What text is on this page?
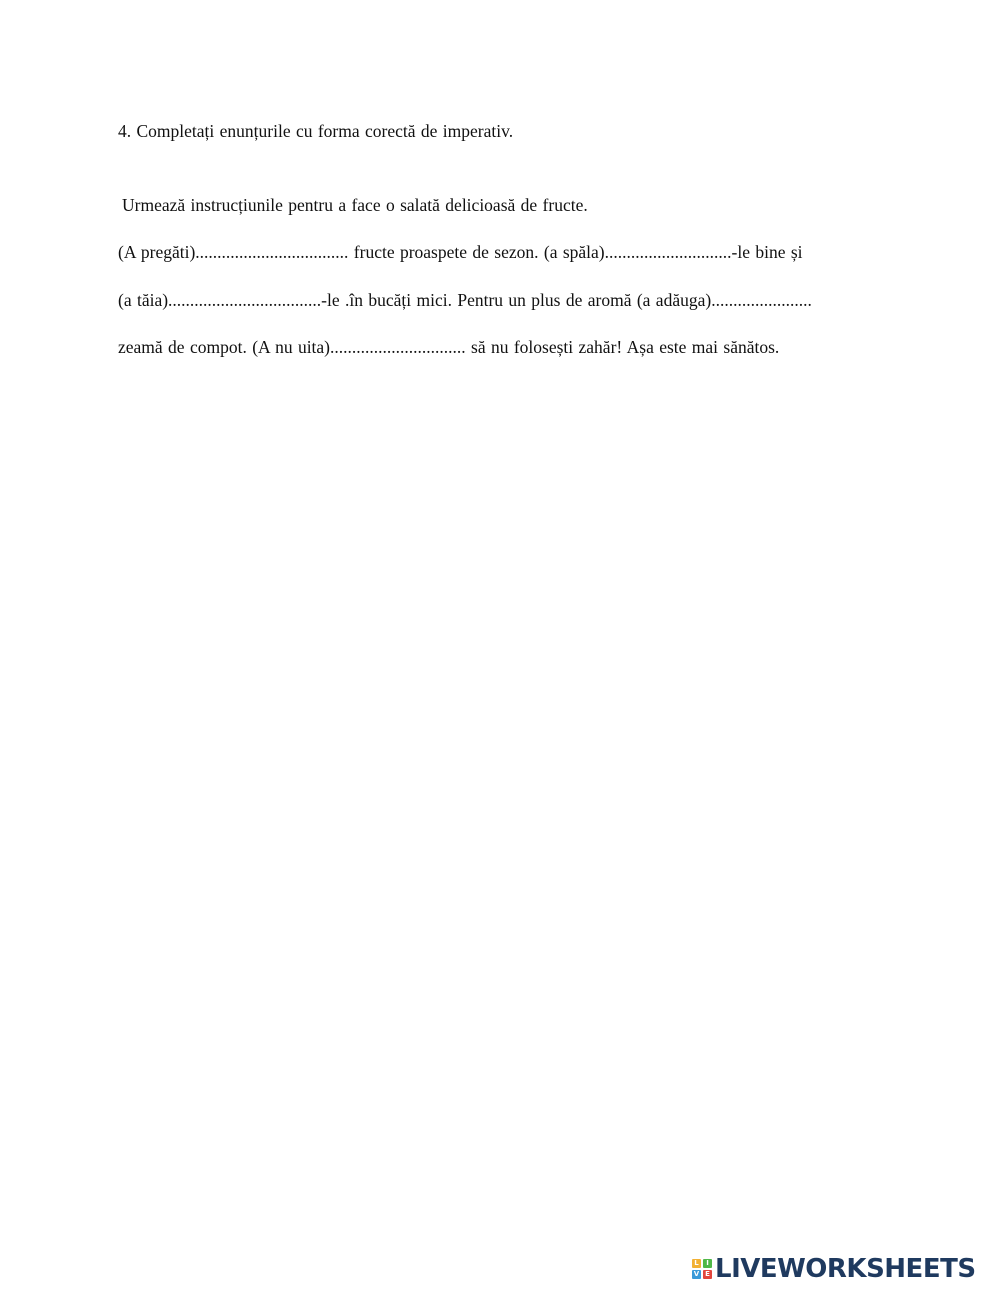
4. Completați enunțurile cu forma corectă de imperativ.
Urmează instrucțiunile pentru a face o salată delicioasă de fructe.
(A pregăti)................................... fructe proaspete de sezon. (a spăla).............................-le bine și
(a tăia)...................................-le .în bucăți mici. Pentru un plus de aromă (a adăuga).......................
zeamă de compot. (A nu uita)............................... să nu folosești zahăr! Așa este mai sănătos.
L	I
V E LIVEWORKSHEETS
